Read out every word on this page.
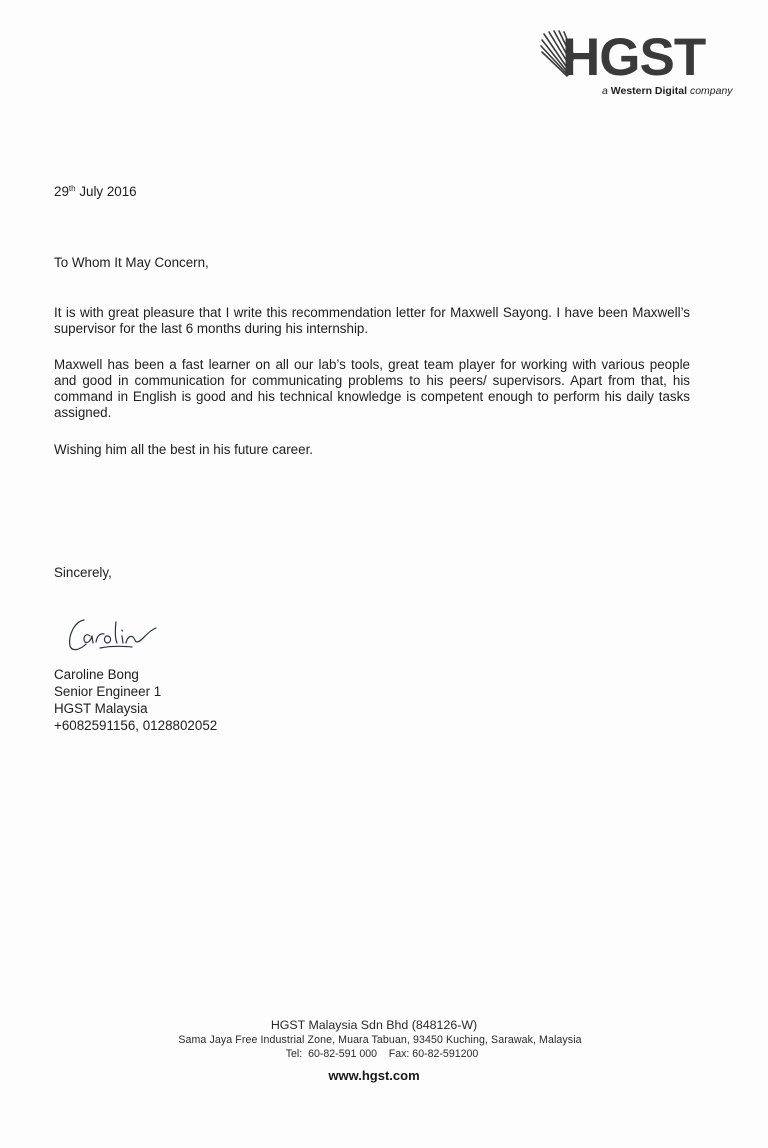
HGST
a Western Digital company
29th July 2016
To Whom It May Concern,
It is with great pleasure that I write this recommendation letter for Maxwell Sayong. I have been Maxwell’s supervisor for the last 6 months during his internship.
Maxwell has been a fast learner on all our lab’s tools, great team player for working with various people and good in communication for communicating problems to his peers/ supervisors. Apart from that, his command in English is good and his technical knowledge is competent enough to perform his daily tasks assigned.
Wishing him all the best in his future career.
Sincerely,
Caroline Bong
Senior Engineer 1
HGST Malaysia
+6082591156, 0128802052
HGST Malaysia Sdn Bhd (848126-W)
Sama Jaya Free Industrial Zone, Muara Tabuan, 93450 Kuching, Sarawak, Malaysia
Tel:  60-82-591 000    Fax: 60-82-591200
www.hgst.com
